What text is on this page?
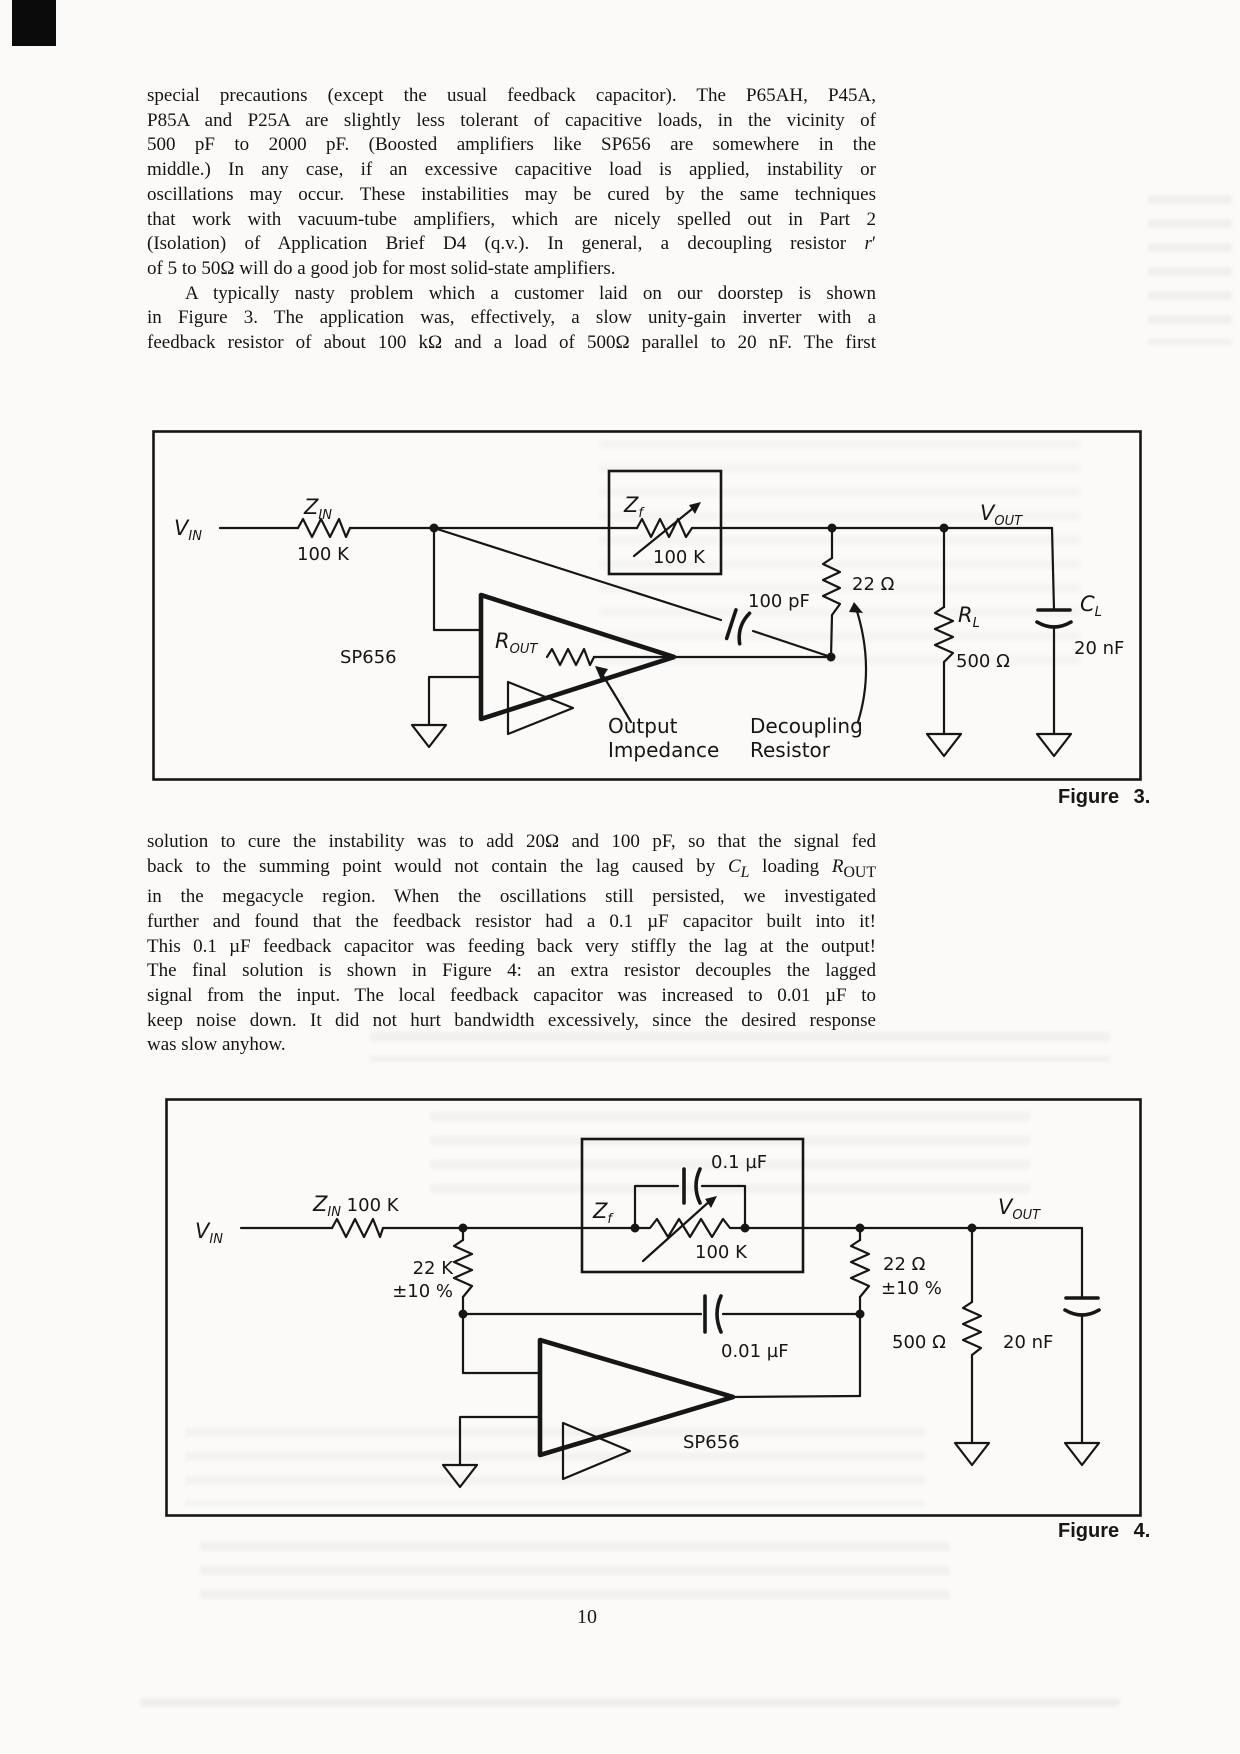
special precautions (except the usual feedback capacitor). The P65AH, P45A,
P85A and P25A are slightly less tolerant of capacitive loads, in the vicinity of
500 pF to 2000 pF. (Boosted amplifiers like SP656 are somewhere in the
middle.) In any case, if an excessive capacitive load is applied, instability or
oscillations may occur. These instabilities may be cured by the same techniques
that work with vacuum-tube amplifiers, which are nicely spelled out in Part 2
(Isolation) of Application Brief D4 (q.v.). In general, a decoupling resistor r′
of 5 to 50Ω will do a good job for most solid-state amplifiers.
A typically nasty problem which a customer laid on our doorstep is shown
in Figure 3. The application was, effectively, a slow unity-gain inverter with a
feedback resistor of about 100 kΩ and a load of 500Ω parallel to 20 nF. The first
$V_{IN}$
$Z_{IN}$
100 K
$R_{OUT}$
SP656
100 pF
22 Ω
$Z_f$
100 K
$V_{OUT}$
$R_L$
500 Ω
$C_L$
20 nF
Output
Impedance
Decoupling
Resistor
Figure 3.
solution to cure the instability was to add 20Ω and 100 pF, so that the signal fed
back to the summing point would not contain the lag caused by $C_L$ loading $R_{OUT}$
in the megacycle region. When the oscillations still persisted, we investigated
further and found that the feedback resistor had a 0.1 µF capacitor built into it!
This 0.1 µF feedback capacitor was feeding back very stiffly the lag at the output!
The final solution is shown in Figure 4: an extra resistor decouples the lagged
signal from the input. The local feedback capacitor was increased to 0.01 µF to
keep noise down. It did not hurt bandwidth excessively, since the desired response
was slow anyhow.
$V_{IN}$
$Z_{IN}$ 100 K
22 K
±10 %
0.01 µF
SP656
22 Ω
±10 %
$Z_f$
100 K
0.1 µF
$V_{OUT}$
500 Ω	20 nF
Figure 4.
10
